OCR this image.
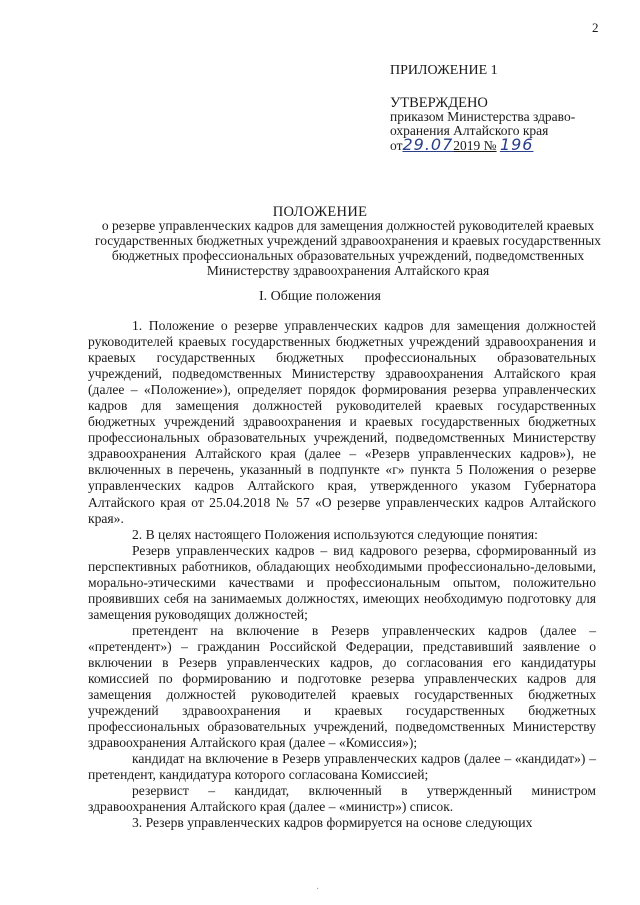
2
ПРИЛОЖЕНИЕ 1
УТВЕРЖДЕНО
приказом Министерства здраво-
охранения Алтайского края
от29.072019 № 196
ПОЛОЖЕНИЕ
о резерве управленческих кадров для замещения должностей руководителей краевых государственных бюджетных учреждений здравоохранения и краевых государственных бюджетных профессиональных образовательных учреждений, подведомственных Министерству здравоохранения Алтайского края
I. Общие положения

1. Положение о резерве управленческих кадров для замещения должностей руководителей краевых государственных бюджетных учреждений здравоохранения и краевых государственных бюджетных профессиональных образовательных учреждений, подведомственных Министерству здравоохранения Алтайского края (далее – «Положение»), определяет порядок формирования резерва управленческих кадров для замещения должностей руководителей краевых государственных бюджетных учреждений здравоохранения и краевых государственных бюджетных профессиональных образовательных учреждений, подведомственных Министерству здравоохранения Алтайского края (далее – «Резерв управленческих кадров»), не включенных в перечень, указанный в подпункте «г» пункта 5 Положения о резерве управленческих кадров Алтайского края, утвержденного указом Губернатора Алтайского края от 25.04.2018 № 57 «О резерве управленческих кадров Алтайского края».

2. В целях настоящего Положения используются следующие понятия:

Резерв управленческих кадров – вид кадрового резерва, сформированный из перспективных работников, обладающих необходимыми профессионально-деловыми, морально-этическими качествами и профессиональным опытом, положительно проявивших себя на занимаемых должностях, имеющих необходимую подготовку для замещения руководящих должностей;

претендент на включение в Резерв управленческих кадров (далее – «претендент») – гражданин Российской Федерации, представивший заявление о включении в Резерв управленческих кадров, до согласования его кандидатуры комиссией по формированию и подготовке резерва управленческих кадров для замещения должностей руководителей краевых государственных бюджетных учреждений здравоохранения и краевых государственных бюджетных профессиональных образовательных учреждений, подведомственных Министерству здравоохранения Алтайского края (далее – «Комиссия»);

кандидат на включение в Резерв управленческих кадров (далее – «кандидат») – претендент, кандидатура которого согласована Комиссией;

резервист – кандидат, включенный в утвержденный министром здравоохранения Алтайского края (далее – «министр») список.

3. Резерв управленческих кадров формируется на основе следующих

·
